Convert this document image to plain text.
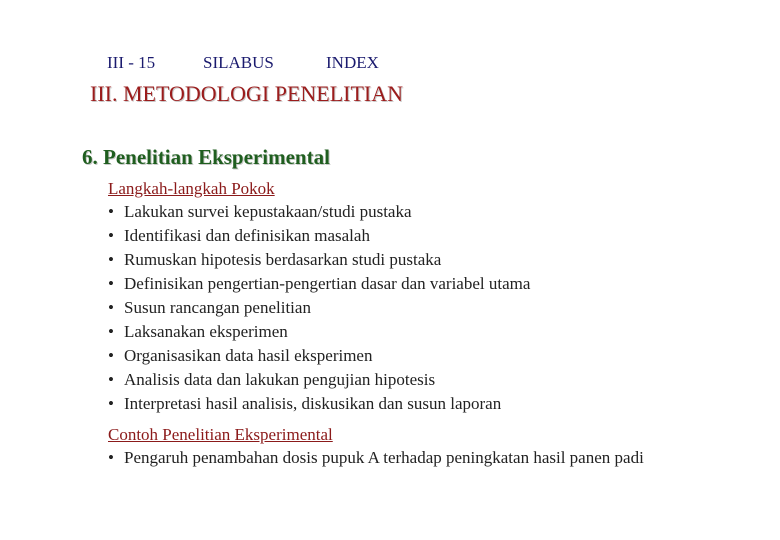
III - 15	SILABUS	INDEX
III. METODOLOGI PENELITIAN
6. Penelitian Eksperimental
Langkah-langkah Pokok
• Lakukan survei kepustakaan/studi pustaka
• Identifikasi dan definisikan masalah
• Rumuskan hipotesis berdasarkan studi pustaka
• Definisikan pengertian-pengertian dasar dan variabel utama
• Susun rancangan penelitian
• Laksanakan eksperimen
• Organisasikan data hasil eksperimen
• Analisis data dan lakukan pengujian hipotesis
• Interpretasi hasil analisis, diskusikan dan susun laporan
Contoh Penelitian Eksperimental
• Pengaruh penambahan dosis pupuk A terhadap peningkatan hasil panen padi
